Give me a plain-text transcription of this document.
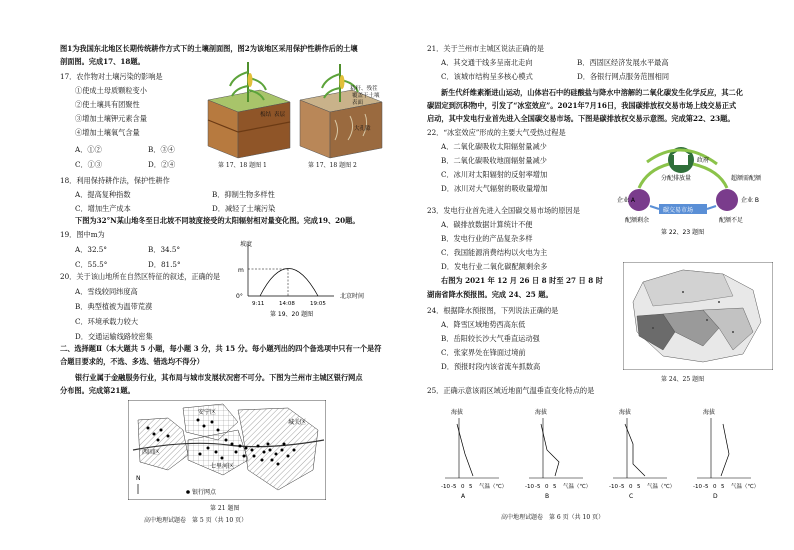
图1为我国东北地区长期传统耕作方式下的土壤剖面图，图2为该地区采用保护性耕作后的土壤
剖面图。完成17、18题。
17．农作物对土壤污染的影响是
①使成土母质颗粒变小
②使土壤具有团聚性
③增加土壤钾元素含量
④增加土壤氧气含量
A．①②	B．③④
C．①③	D．②④
板结 表层
秸秆、残茬
覆盖于土壤
表面
大孔隙
第 17、18 题图 1	第 17、18 题图 2
18．利用保持耕作法，保护性耕作
A．提高复种指数	B．抑制生物多样性
C．增加生产成本	D．减轻了土壤污染
下图为32°N某山地冬至日北坡不同坡度接受的太阳辐射相对量变化图。完成19、20题。
19．图中m为
A．32.5°	B．34.5°
C．55.5°	D．81.5°
坡度
m
0°
9:11	14:08	19:05
北京时间
第 19、20 题图
20．关于该山地所在自然区特征的叙述，正确的是
A．雪线较同纬度高
B．典型植被为温带荒漠
C．环境承载力较大
D．交通运输线路较密集
二、选择题Ⅱ（本大题共 5 小题，每小题 3 分，共 15 分。每小题列出的四个备选项中只有一个是符
合题目要求的，不选、多选、错选均不得分）
银行业属于金融服务行业，其布局与城市发展状况密不可分。下图为兰州市主城区银行网点
分布图。完成第21题。
安宁区
城关区
七里河区
西固区
N
银行网点
第 21 题图
高中地理试题卷　第 5 页（共 10 页）
21．关于兰州市主城区说法正确的是
A．其交通干线多呈南北走向	B．西固区经济发展水平最高
C．该城市结构呈多核心模式	D．各银行网点服务范围相同
新生代纤维素渐进山运动，山体岩石中的硅酸盐与降水中溶解的二氧化碳发生化学反应，其二化
碳固定到沉积物中，引发了“冰室效应”。2021年7月16日，我国碳排放权交易市场上线交易正式
启动，其中发电行业首先进入全国碳交易市场。下图是碳排放权交易示意图。完成第22、23题。
22．“冰室效应”形成的主要大气受热过程是
A．二氧化碳吸收太阳辐射量减少
B．二氧化碳吸收地面辐射量减少
C．冰川对太阳辐射的反射率增加
D．冰川对大气辐射的吸收量增加
政府
分配排放量	超额需配额
企业 A	企业 B
配额剩余	配额不足
碳交易市场
第 22、23 题图
23．发电行业首先进入全国碳交易市场的原因是
A．碳排放数据计算统计不便
B．发电行业的产品复杂多样
C．我国能源消费结构以火电为主
D．发电行业二氧化碳配额剩余多
右图为 2021 年 12 月 26 日 8 时至 27 日 8 时
湖南省降水预报图。完成 24、25 题。
第 24、25 题图
24．根据降水预报图，下列说法正确的是
A．降雪区域地势西高东低
B．岳阳较长沙大气垂直运动强
C．张家界处在锋面过境前
D．预报时段内该省流车抓数高
25．正确示意该雨区域近地面气温垂直变化特点的是
海拔
-10 -5 0 5 气温（℃）
A
海拔
-10 -5 0 5 气温（℃）
B
海拔
-10 -5 0 5 气温（℃）
C
海拔
-10 -5 0 5 气温（℃）
D
高中地理试题卷　第 6 页（共 10 页）
